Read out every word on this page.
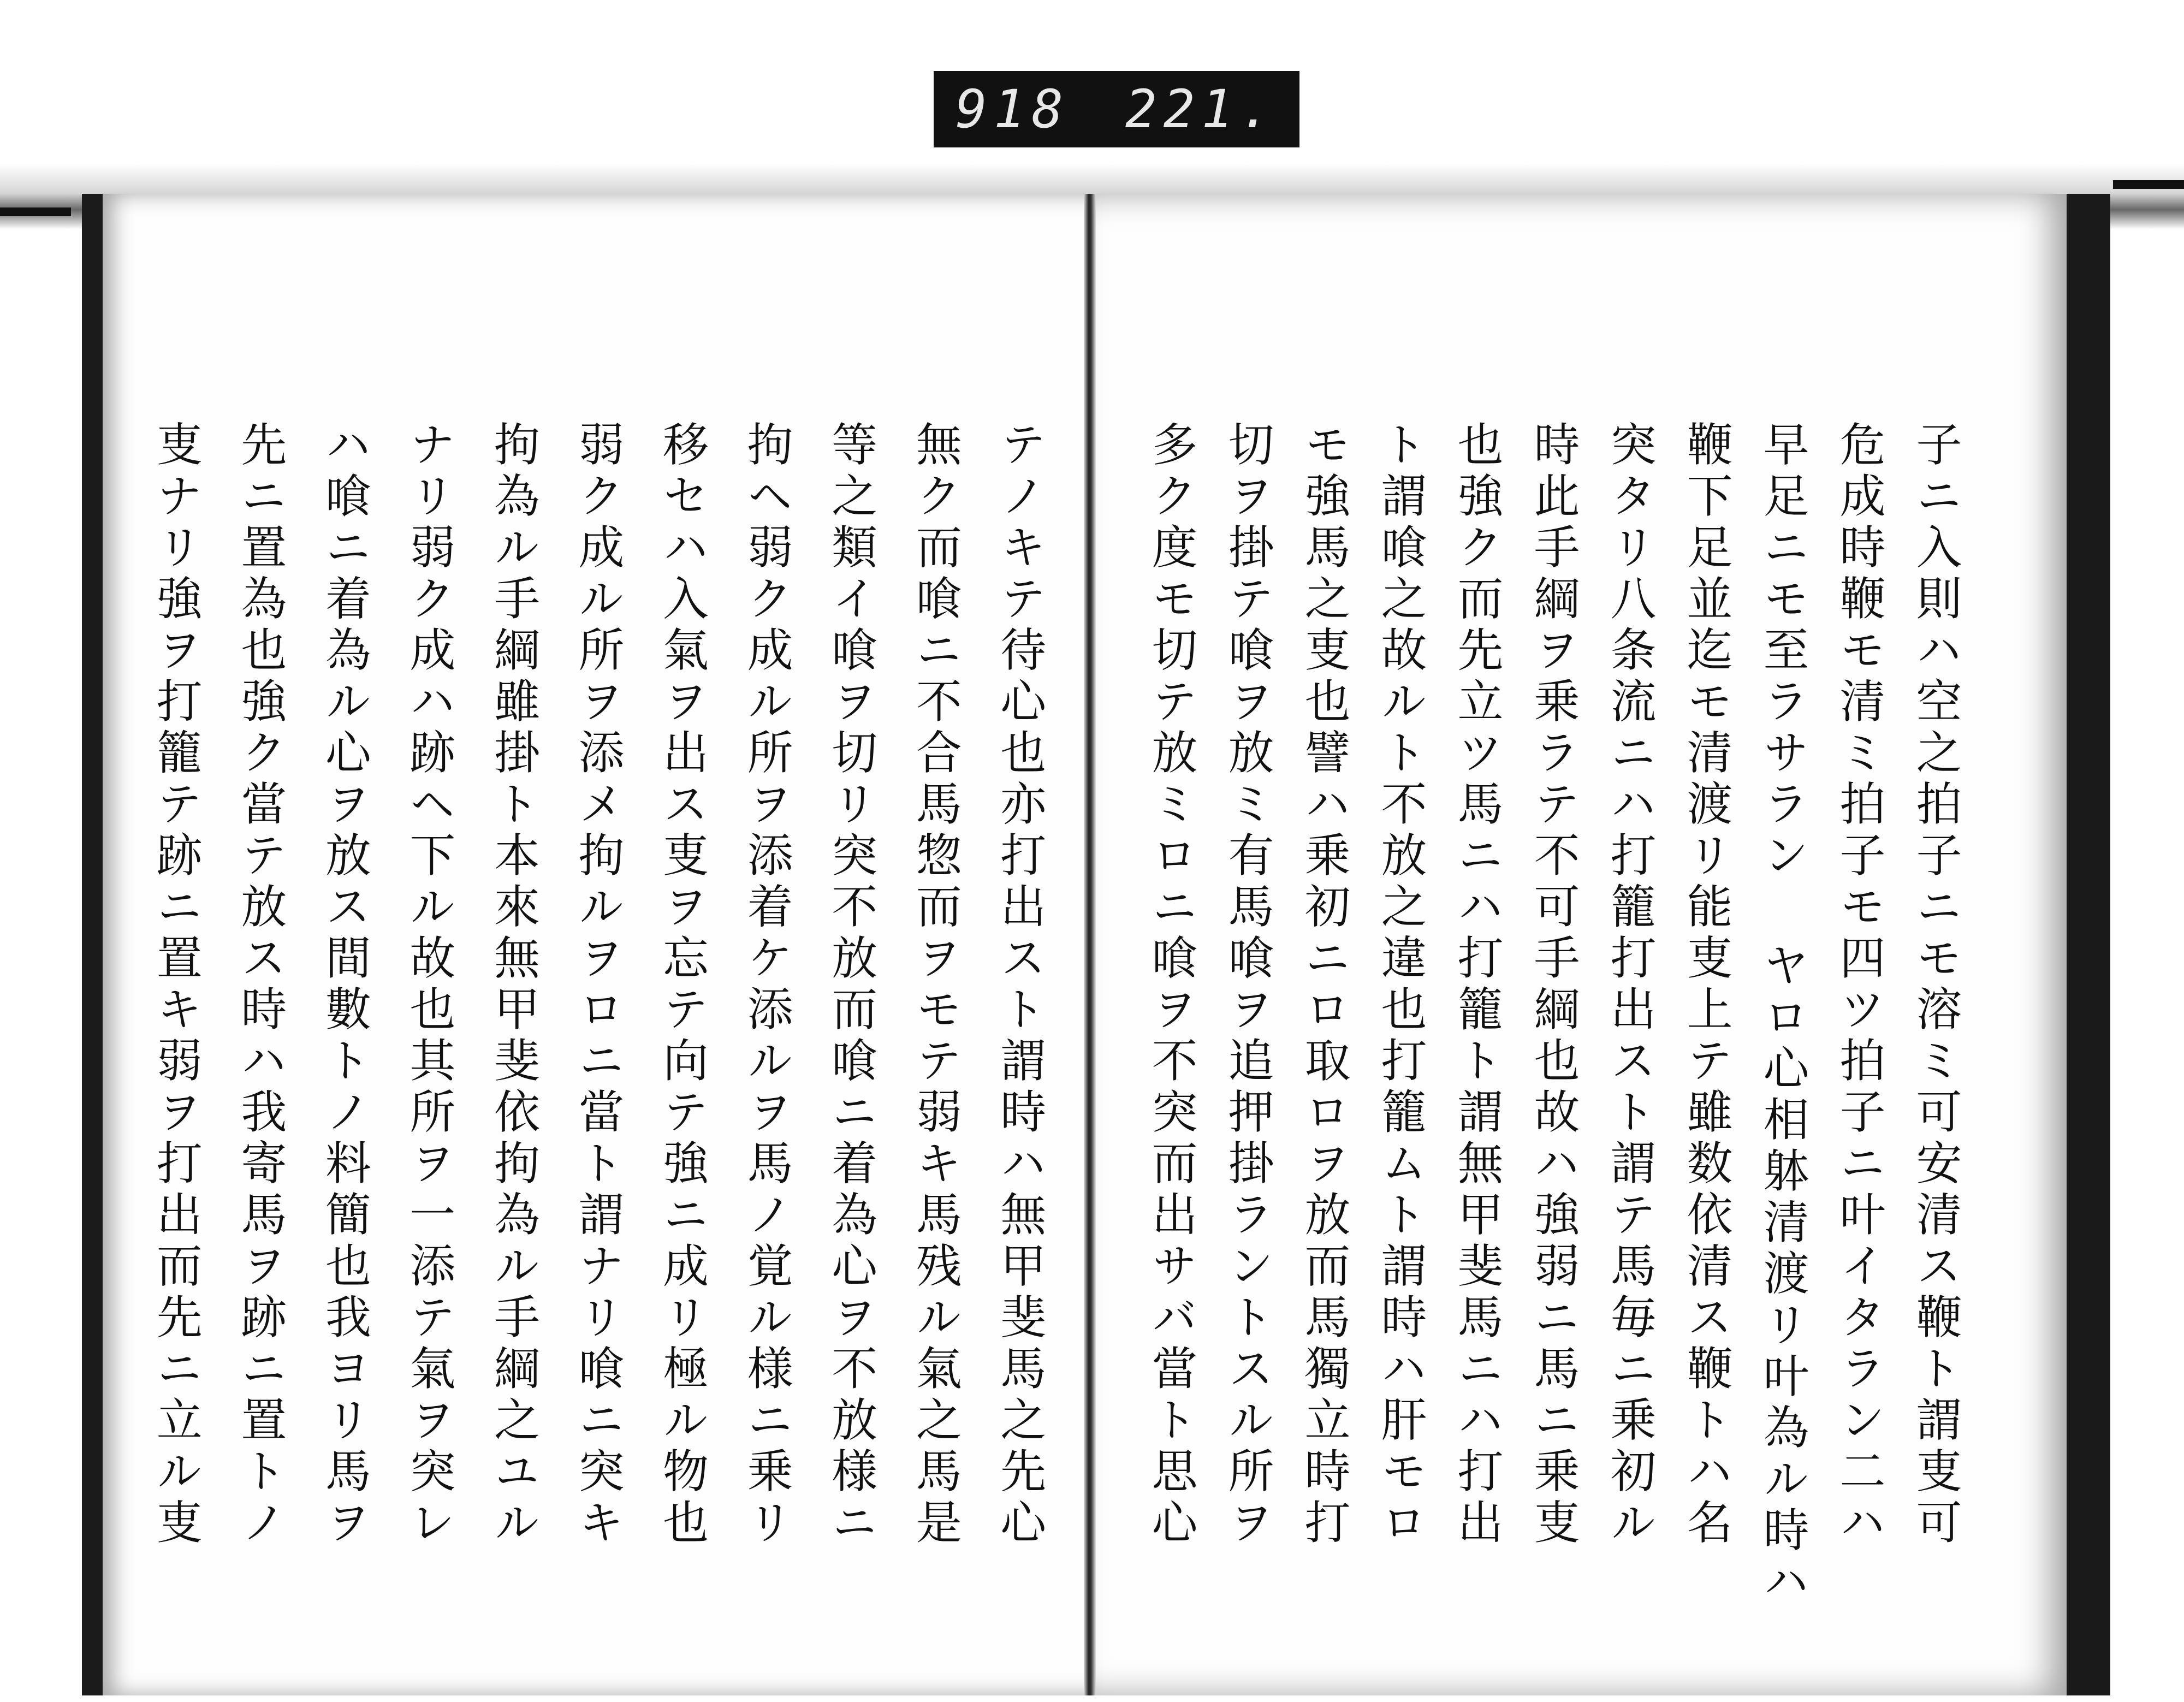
918 221.
子ニ入則ハ空之拍子ニモ溶ミ可安清ス鞭ト謂叓可
危成時鞭モ清ミ拍子モ四ツ拍子ニ叶イタラン二ハ
早足ニモ至ラサラン ヤロ心相躰清渡リ叶為ル時ハ
鞭下足並迄モ清渡リ能叓上テ雖数依清ス鞭トハ名
突タリ八条流ニハ打籠打出スト謂テ馬毎ニ乗初ル
時此手綱ヲ乗ラテ不可手綱也故ハ強弱ニ馬ニ乗叓
也強ク而先立ツ馬ニハ打籠ト謂無甲斐馬ニハ打出
ト謂喰之故ルト不放之違也打籠ムト謂時ハ肝モロ
モ強馬之叓也譬ハ乗初ニロ取ロヲ放而馬獨立時打
切ヲ掛テ喰ヲ放ミ有馬喰ヲ追押掛ラントスル所ヲ
多ク度モ切テ放ミロニ喰ヲ不突而出サバ當ト思心
テノキテ待心也亦打出スト謂時ハ無甲斐馬之先心
無ク而喰ニ不合馬惣而ヲモテ弱キ馬残ル氣之馬是
等之類イ喰ヲ切リ突不放而喰ニ着為心ヲ不放様ニ
拘ヘ弱ク成ル所ヲ添着ケ添ルヲ馬ノ覚ル様ニ乗リ
移セハ入氣ヲ出ス叓ヲ忘テ向テ強ニ成リ極ル物也
弱ク成ル所ヲ添メ拘ルヲロニ當ト謂ナリ喰ニ突キ
拘為ル手綱雖掛ト本來無甲斐依拘為ル手綱之ユル
ナリ弱ク成ハ跡ヘ下ル故也其所ヲ一添テ氣ヲ突レ
ハ喰ニ着為ル心ヲ放ス間數トノ料簡也我ヨリ馬ヲ
先ニ置為也強ク當テ放ス時ハ我寄馬ヲ跡ニ置トノ
叓ナリ強ヲ打籠テ跡ニ置キ弱ヲ打出而先ニ立ル叓
